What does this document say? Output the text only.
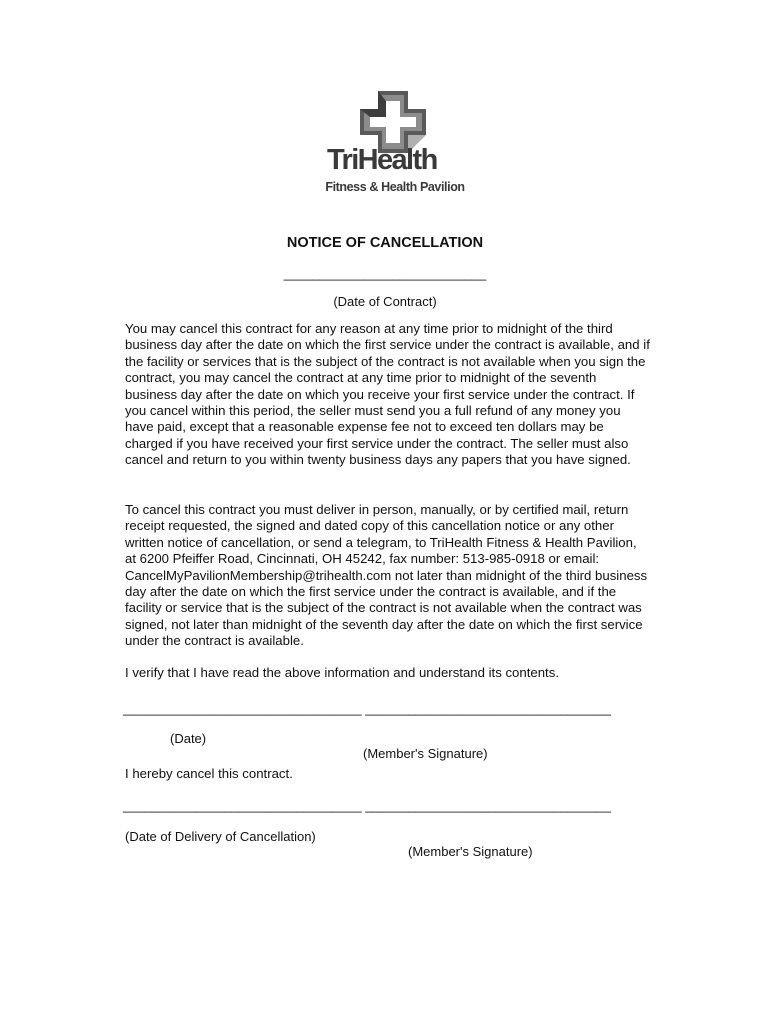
TriHealth
Fitness & Health Pavilion
NOTICE OF CANCELLATION
____________________________
(Date of Contract)

You may cancel this contract for any reason at any time prior to midnight of the third business day after the date on which the first service under the contract is available, and if the facility or services that is the subject of the contract is not available when you sign the contract, you may cancel the contract at any time prior to midnight of the seventh business day after the date on which you receive your first service under the contract. If you cancel within this period, the seller must send you a full refund of any money you have paid, except that a reasonable expense fee not to exceed ten dollars may be charged if you have received your first service under the contract. The seller must also cancel and return to you within twenty business days any papers that you have signed.

To cancel this contract you must deliver in person, manually, or by certified mail, return receipt requested, the signed and dated copy of this cancellation notice or any other written notice of cancellation, or send a telegram, to TriHealth Fitness & Health Pavilion, at 6200 Pfeiffer Road, Cincinnati, OH 45242, fax number: 513-985-0918 or email: CancelMyPavilionMembership@trihealth.com not later than midnight of the third business day after the date on which the first service under the contract is available, and if the facility or service that is the subject of the contract is not available when the contract was signed, not later than midnight of the seventh day after the date on which the first service under the contract is available.

I verify that I have read the above information and understand its contents.

_________________________________ __________________________________

(Date)

(Member's Signature)

I hereby cancel this contract.

_________________________________ __________________________________

(Date of Delivery of Cancellation)

(Member's Signature)
